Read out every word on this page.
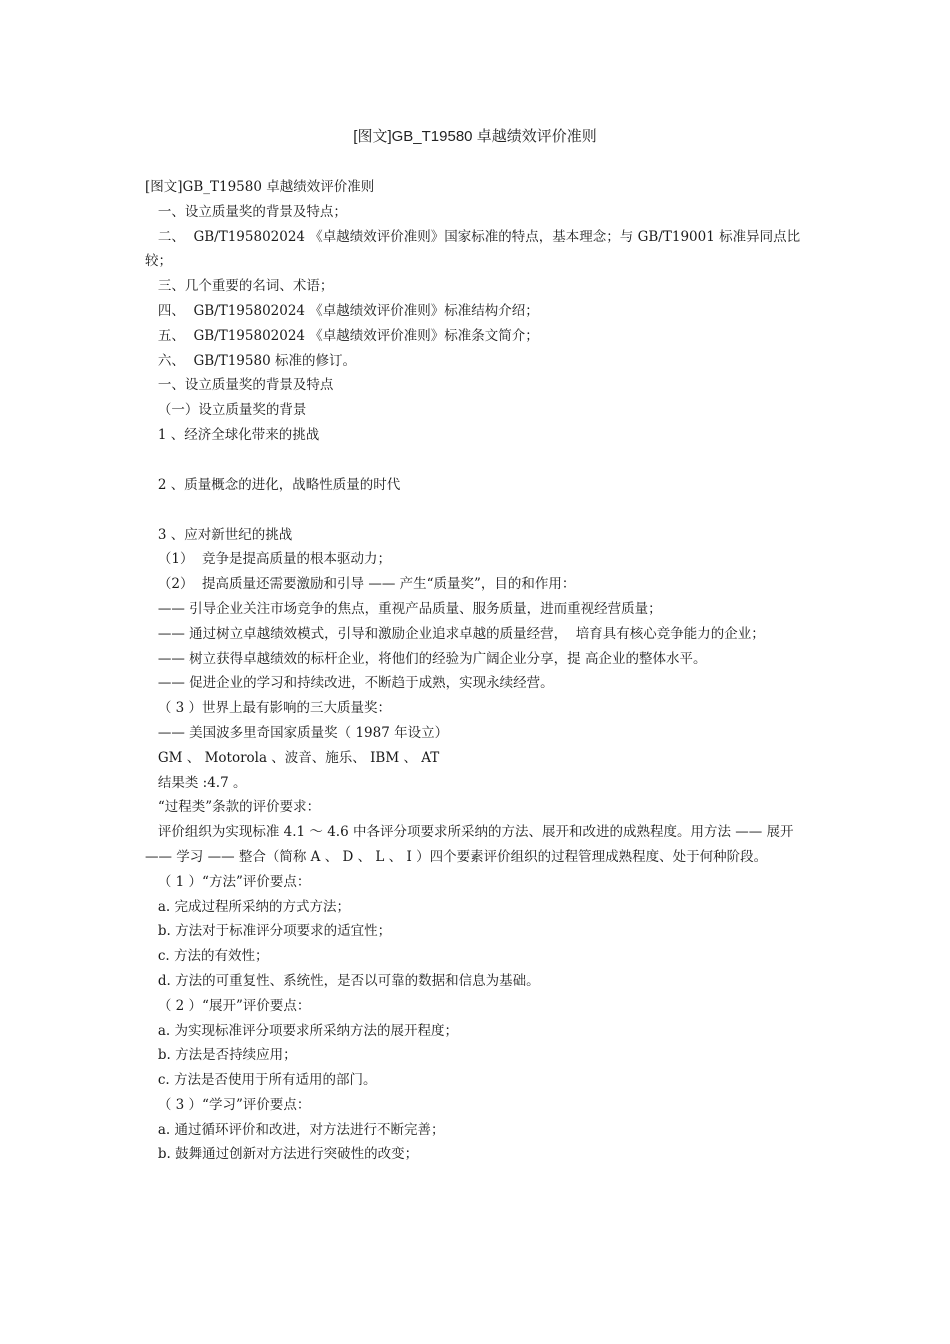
[图文]GB_T19580 卓越绩效评价准则

[图文]GB_T19580 卓越绩效评价准则

一、设立质量奖的背景及特点；

二、  GB/T195802024 《卓越绩效评价准则》国家标准的特点，基本理念；与 GB/T19001 标准异同点比较；

三、几个重要的名词、术语；

四、  GB/T195802024 《卓越绩效评价准则》标准结构介绍；

五、  GB/T195802024 《卓越绩效评价准则》标准条文简介；

六、  GB/T19580 标准的修订。

一、设立质量奖的背景及特点

（一）设立质量奖的背景

1 、经济全球化带来的挑战

2 、质量概念的进化，战略性质量的时代

3 、应对新世纪的挑战

（1）  竞争是提高质量的根本驱动力；

（2）  提高质量还需要激励和引导 —— 产生“质量奖”，目的和作用：

—— 引导企业关注市场竞争的焦点，重视产品质量、服务质量，进而重视经营质量；

—— 通过树立卓越绩效模式，引导和激励企业追求卓越的质量经营，  培育具有核心竞争能力的企业；

—— 树立获得卓越绩效的标杆企业，将他们的经验为广阔企业分享，提 高企业的整体水平。

—— 促进企业的学习和持续改进，不断趋于成熟，实现永续经营。

（ 3 ）世界上最有影响的三大质量奖：

—— 美国波多里奇国家质量奖（ 1987 年设立）

GM 、 Motorola 、波音、施乐、 IBM 、 AT

结果类 :4.7 。

“过程类”条款的评价要求：

评价组织为实现标准 4.1 ～ 4.6 中各评分项要求所采纳的方法、展开和改进的成熟程度。用方法 —— 展开 —— 学习 —— 整合（简称 A 、 D 、 L 、 I ）四个要素评价组织的过程管理成熟程度、处于何种阶段。

（ 1 ）“方法”评价要点：

a. 完成过程所采纳的方式方法；

b. 方法对于标准评分项要求的适宜性；

c. 方法的有效性；

d. 方法的可重复性、系统性，是否以可靠的数据和信息为基础。

（ 2 ）“展开”评价要点：

a. 为实现标准评分项要求所采纳方法的展开程度；

b. 方法是否持续应用；

c. 方法是否使用于所有适用的部门。

（ 3 ）“学习”评价要点：

a. 通过循环评价和改进，对方法进行不断完善；

b. 鼓舞通过创新对方法进行突破性的改变；
